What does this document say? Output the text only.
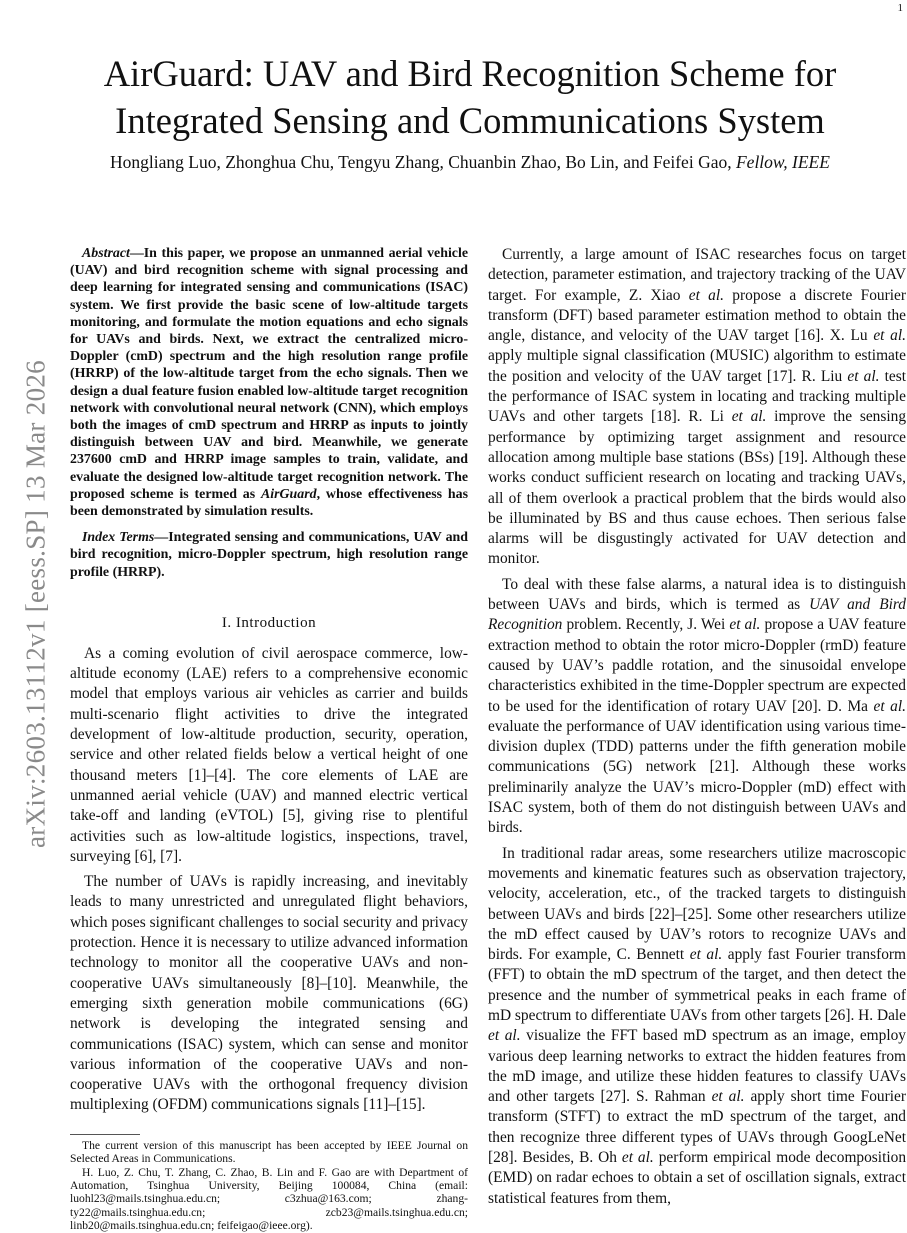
1
arXiv:2603.13112v1 [eess.SP] 13 Mar 2026
AirGuard: UAV and Bird Recognition Scheme for Integrated Sensing and Communications System
Hongliang Luo, Zhonghua Chu, Tengyu Zhang, Chuanbin Zhao, Bo Lin, and Feifei Gao, Fellow, IEEE

Abstract—In this paper, we propose an unmanned aerial vehicle (UAV) and bird recognition scheme with signal processing and deep learning for integrated sensing and communications (ISAC) system. We first provide the basic scene of low-altitude targets monitoring, and formulate the motion equations and echo signals for UAVs and birds. Next, we extract the centralized micro-Doppler (cmD) spectrum and the high resolution range profile (HRRP) of the low-altitude target from the echo signals. Then we design a dual feature fusion enabled low-altitude target recognition network with convolutional neural network (CNN), which employs both the images of cmD spectrum and HRRP as inputs to jointly distinguish between UAV and bird. Meanwhile, we generate 237600 cmD and HRRP image samples to train, validate, and evaluate the designed low-altitude target recognition network. The proposed scheme is termed as AirGuard, whose effectiveness has been demonstrated by simulation results.

Index Terms—Integrated sensing and communications, UAV and bird recognition, micro-Doppler spectrum, high resolution range profile (HRRP).

I. Introduction

As a coming evolution of civil aerospace commerce, low-altitude economy (LAE) refers to a comprehensive economic model that employs various air vehicles as carrier and builds multi-scenario flight activities to drive the integrated development of low-altitude production, security, operation, service and other related fields below a vertical height of one thousand meters [1]–[4]. The core elements of LAE are unmanned aerial vehicle (UAV) and manned electric vertical take-off and landing (eVTOL) [5], giving rise to plentiful activities such as low-altitude logistics, inspections, travel, surveying [6], [7].

The number of UAVs is rapidly increasing, and inevitably leads to many unrestricted and unregulated flight behaviors, which poses significant challenges to social security and privacy protection. Hence it is necessary to utilize advanced information technology to monitor all the cooperative UAVs and non-cooperative UAVs simultaneously [8]–[10]. Meanwhile, the emerging sixth generation mobile communications (6G) network is developing the integrated sensing and communications (ISAC) system, which can sense and monitor various information of the cooperative UAVs and non-cooperative UAVs with the orthogonal frequency division multiplexing (OFDM) communications signals [11]–[15].

The current version of this manuscript has been accepted by IEEE Journal on Selected Areas in Communications.

H. Luo, Z. Chu, T. Zhang, C. Zhao, B. Lin and F. Gao are with Department of Automation, Tsinghua University, Beijing 100084, China (email: luohl23@mails.tsinghua.edu.cn; c3zhua@163.com; zhang-ty22@mails.tsinghua.edu.cn; zcb23@mails.tsinghua.edu.cn; linb20@mails.tsinghua.edu.cn; feifeigao@ieee.org).

Currently, a large amount of ISAC researches focus on target detection, parameter estimation, and trajectory tracking of the UAV target. For example, Z. Xiao et al. propose a discrete Fourier transform (DFT) based parameter estimation method to obtain the angle, distance, and velocity of the UAV target [16]. X. Lu et al. apply multiple signal classification (MUSIC) algorithm to estimate the position and velocity of the UAV target [17]. R. Liu et al. test the performance of ISAC system in locating and tracking multiple UAVs and other targets [18]. R. Li et al. improve the sensing performance by optimizing target assignment and resource allocation among multiple base stations (BSs) [19]. Although these works conduct sufficient research on locating and tracking UAVs, all of them overlook a practical problem that the birds would also be illuminated by BS and thus cause echoes. Then serious false alarms will be disgustingly activated for UAV detection and monitor.

To deal with these false alarms, a natural idea is to distinguish between UAVs and birds, which is termed as UAV and Bird Recognition problem. Recently, J. Wei et al. propose a UAV feature extraction method to obtain the rotor micro-Doppler (rmD) feature caused by UAV’s paddle rotation, and the sinusoidal envelope characteristics exhibited in the time-Doppler spectrum are expected to be used for the identification of rotary UAV [20]. D. Ma et al. evaluate the performance of UAV identification using various time-division duplex (TDD) patterns under the fifth generation mobile communications (5G) network [21]. Although these works preliminarily analyze the UAV’s micro-Doppler (mD) effect with ISAC system, both of them do not distinguish between UAVs and birds.

In traditional radar areas, some researchers utilize macroscopic movements and kinematic features such as observation trajectory, velocity, acceleration, etc., of the tracked targets to distinguish between UAVs and birds [22]–[25]. Some other researchers utilize the mD effect caused by UAV’s rotors to recognize UAVs and birds. For example, C. Bennett et al. apply fast Fourier transform (FFT) to obtain the mD spectrum of the target, and then detect the presence and the number of symmetrical peaks in each frame of mD spectrum to differentiate UAVs from other targets [26]. H. Dale et al. visualize the FFT based mD spectrum as an image, employ various deep learning networks to extract the hidden features from the mD image, and utilize these hidden features to classify UAVs and other targets [27]. S. Rahman et al. apply short time Fourier transform (STFT) to extract the mD spectrum of the target, and then recognize three different types of UAVs through GoogLeNet [28]. Besides, B. Oh et al. perform empirical mode decomposition (EMD) on radar echoes to obtain a set of oscillation signals, extract statistical features from them,
